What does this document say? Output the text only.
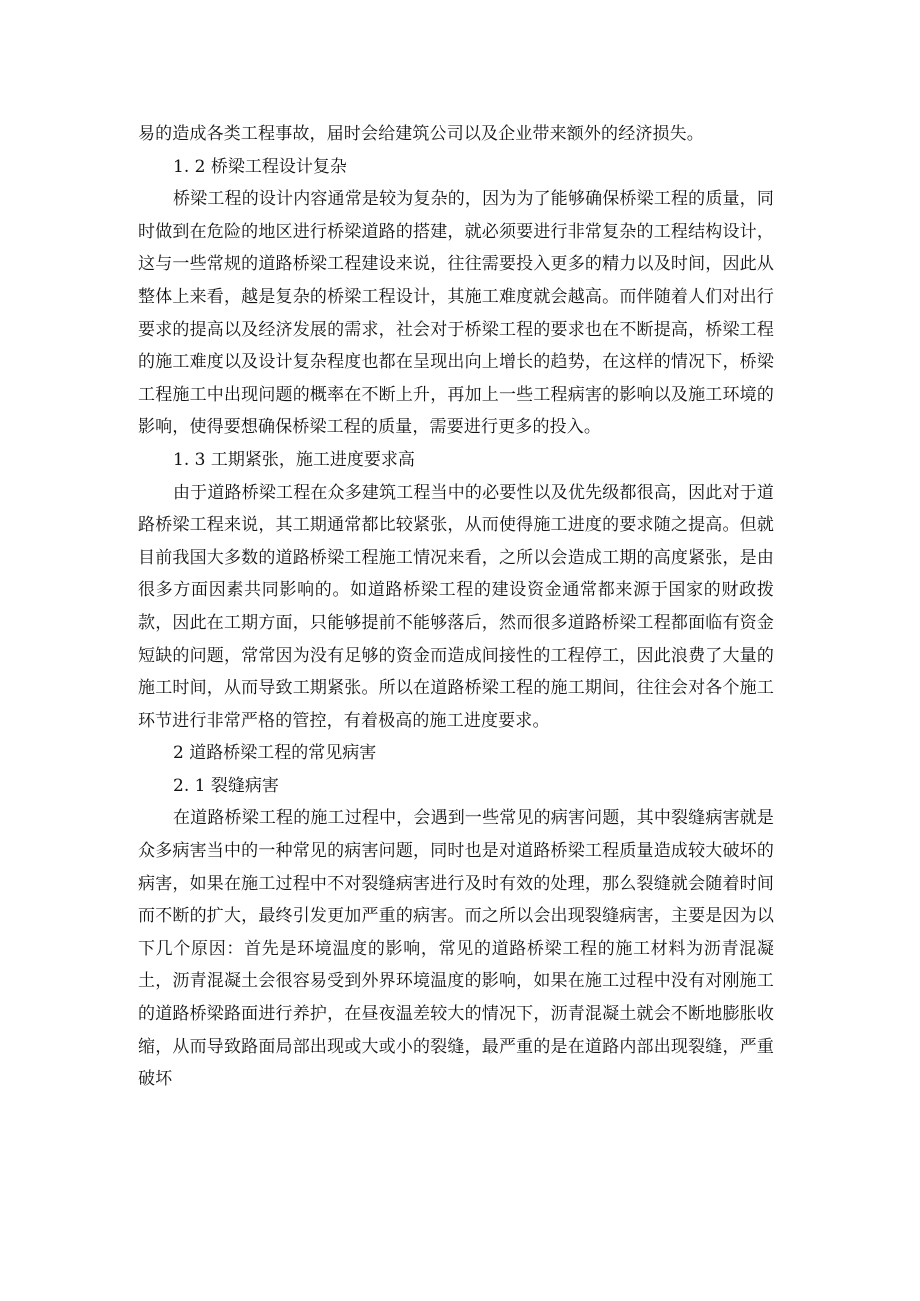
易的造成各类工程事故，届时会给建筑公司以及企业带来额外的经济损失。

1. 2 桥梁工程设计复杂

桥梁工程的设计内容通常是较为复杂的，因为为了能够确保桥梁工程的质量，同时做到在危险的地区进行桥梁道路的搭建，就必须要进行非常复杂的工程结构设计，这与一些常规的道路桥梁工程建设来说，往往需要投入更多的精力以及时间，因此从整体上来看，越是复杂的桥梁工程设计，其施工难度就会越高。而伴随着人们对出行要求的提高以及经济发展的需求，社会对于桥梁工程的要求也在不断提高，桥梁工程的施工难度以及设计复杂程度也都在呈现出向上增长的趋势，在这样的情况下，桥梁工程施工中出现问题的概率在不断上升，再加上一些工程病害的影响以及施工环境的影响，使得要想确保桥梁工程的质量，需要进行更多的投入。

1. 3 工期紧张，施工进度要求高

由于道路桥梁工程在众多建筑工程当中的必要性以及优先级都很高，因此对于道路桥梁工程来说，其工期通常都比较紧张，从而使得施工进度的要求随之提高。但就目前我国大多数的道路桥梁工程施工情况来看，之所以会造成工期的高度紧张，是由很多方面因素共同影响的。如道路桥梁工程的建设资金通常都来源于国家的财政拨款，因此在工期方面，只能够提前不能够落后，然而很多道路桥梁工程都面临有资金短缺的问题，常常因为没有足够的资金而造成间接性的工程停工，因此浪费了大量的施工时间，从而导致工期紧张。所以在道路桥梁工程的施工期间，往往会对各个施工环节进行非常严格的管控，有着极高的施工进度要求。

2 道路桥梁工程的常见病害

2. 1 裂缝病害

在道路桥梁工程的施工过程中，会遇到一些常见的病害问题，其中裂缝病害就是众多病害当中的一种常见的病害问题，同时也是对道路桥梁工程质量造成较大破坏的病害，如果在施工过程中不对裂缝病害进行及时有效的处理，那么裂缝就会随着时间而不断的扩大，最终引发更加严重的病害。而之所以会出现裂缝病害，主要是因为以下几个原因：首先是环境温度的影响，常见的道路桥梁工程的施工材料为沥青混凝土，沥青混凝土会很容易受到外界环境温度的影响，如果在施工过程中没有对刚施工的道路桥梁路面进行养护，在昼夜温差较大的情况下，沥青混凝土就会不断地膨胀收缩，从而导致路面局部出现或大或小的裂缝，最严重的是在道路内部出现裂缝，严重破坏
